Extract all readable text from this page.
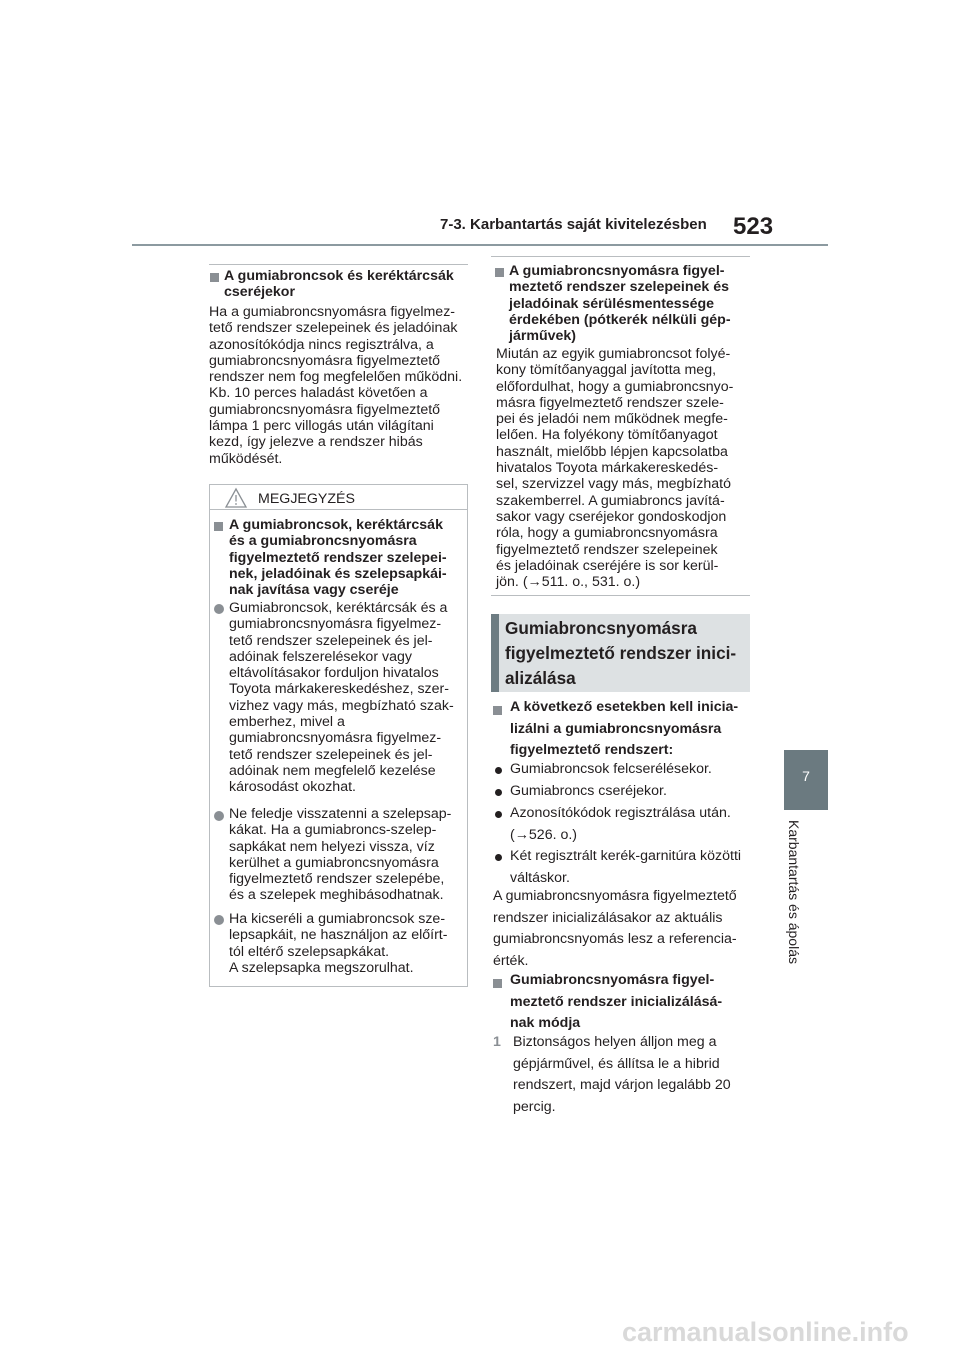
7-3. Karbantartás saját kivitelezésben 523
7
Karbantartás és ápolás
A gumiabroncsok és keréktárcsák
cseréjekor
Ha a gumiabroncsnyomásra figyelmez-
tető rendszer szelepeinek és jeladóinak
azonosítókódja nincs regisztrálva, a
gumiabroncsnyomásra figyelmeztető
rendszer nem fog megfelelően működni.
Kb. 10 perces haladást követően a
gumiabroncsnyomásra figyelmeztető
lámpa 1 perc villogás után világítani
kezd, így jelezve a rendszer hibás
működését.
MEGJEGYZÉS
A gumiabroncsok, keréktárcsák
és a gumiabroncsnyomásra
figyelmeztető rendszer szelepei-
nek, jeladóinak és szelepsapkái-
nak javítása vagy cseréje
Gumiabroncsok, keréktárcsák és a
gumiabroncsnyomásra figyelmez-
tető rendszer szelepeinek és jel-
adóinak felszerelésekor vagy
eltávolításakor forduljon hivatalos
Toyota márkakereskedéshez, szer-
vizhez vagy más, megbízható szak-
emberhez, mivel a
gumiabroncsnyomásra figyelmez-
tető rendszer szelepeinek és jel-
adóinak nem megfelelő kezelése
károsodást okozhat.
Ne feledje visszatenni a szelepsap-
kákat. Ha a gumiabroncs-szelep-
sapkákat nem helyezi vissza, víz
kerülhet a gumiabroncsnyomásra
figyelmeztető rendszer szelepébe,
és a szelepek meghibásodhatnak.
Ha kicseréli a gumiabroncsok sze-
lepsapkáit, ne használjon az előírt-
tól eltérő szelepsapkákat.
A szelepsapka megszorulhat.
A gumiabroncsnyomásra figyel-
meztető rendszer szelepeinek és
jeladóinak sérülésmentessége
érdekében (pótkerék nélküli gép-
járművek)
Miután az egyik gumiabroncsot folyé-
kony tömítőanyaggal javította meg,
előfordulhat, hogy a gumiabroncsnyo-
másra figyelmeztető rendszer szele-
pei és jeladói nem működnek megfe-
lelően. Ha folyékony tömítőanyagot
használt, mielőbb lépjen kapcsolatba
hivatalos Toyota márkakereskedés-
sel, szervizzel vagy más, megbízható
szakemberrel. A gumiabroncs javítá-
sakor vagy cseréjekor gondoskodjon
róla, hogy a gumiabroncsnyomásra
figyelmeztető rendszer szelepeinek
és jeladóinak cseréjére is sor kerül-
jön. (→511. o., 531. o.)
Gumiabroncsnyomásra
figyelmeztető rendszer inici-
alizálása
A következő esetekben kell inicia-
lizálni a gumiabroncsnyomásra
figyelmeztető rendszert:
Gumiabroncsok felcserélésekor.
Gumiabroncs cseréjekor.
Azonosítókódok regisztrálása után.
(→526. o.)
Két regisztrált kerék-garnitúra közötti
váltáskor.
A gumiabroncsnyomásra figyelmeztető
rendszer inicializálásakor az aktuális
gumiabroncsnyomás lesz a referencia-
érték.
Gumiabroncsnyomásra figyel-
meztető rendszer inicializálásá-
nak módja
1 Biztonságos helyen álljon meg a
gépjárművel, és állítsa le a hibrid
rendszert, majd várjon legalább 20
percig.
carmanualsonline.info
